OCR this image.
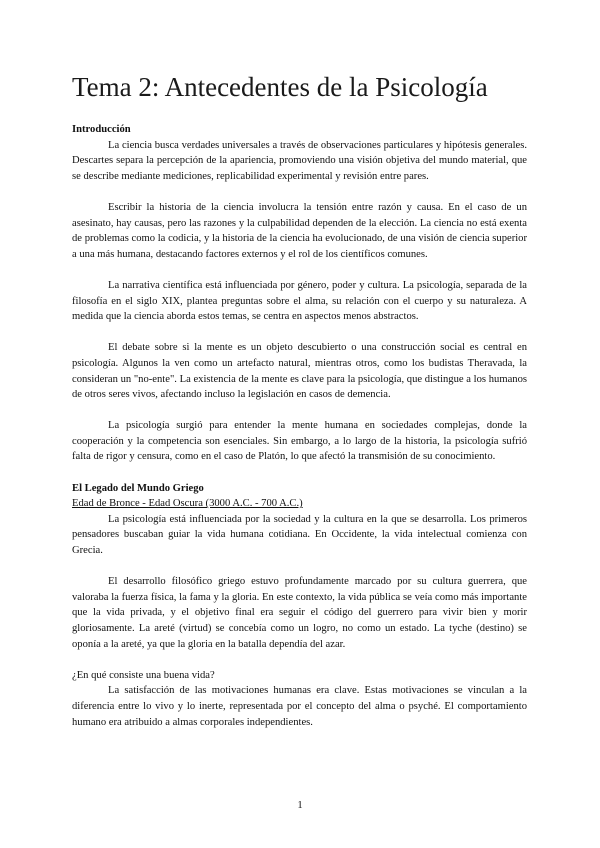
Tema 2: Antecedentes de la Psicología
Introducción

La ciencia busca verdades universales a través de observaciones particulares y hipótesis generales. Descartes separa la percepción de la apariencia, promoviendo una visión objetiva del mundo material, que se describe mediante mediciones, replicabilidad experimental y revisión entre pares.

Escribir la historia de la ciencia involucra la tensión entre razón y causa. En el caso de un asesinato, hay causas, pero las razones y la culpabilidad dependen de la elección. La ciencia no está exenta de problemas como la codicia, y la historia de la ciencia ha evolucionado, de una visión de ciencia superior a una más humana, destacando factores externos y el rol de los científicos comunes.

La narrativa científica está influenciada por género, poder y cultura. La psicología, separada de la filosofía en el siglo XIX, plantea preguntas sobre el alma, su relación con el cuerpo y su naturaleza. A medida que la ciencia aborda estos temas, se centra en aspectos menos abstractos.

El debate sobre si la mente es un objeto descubierto o una construcción social es central en psicología. Algunos la ven como un artefacto natural, mientras otros, como los budistas Theravada, la consideran un "no-ente". La existencia de la mente es clave para la psicología, que distingue a los humanos de otros seres vivos, afectando incluso la legislación en casos de demencia.

La psicología surgió para entender la mente humana en sociedades complejas, donde la cooperación y la competencia son esenciales. Sin embargo, a lo largo de la historia, la psicología sufrió falta de rigor y censura, como en el caso de Platón, lo que afectó la transmisión de su conocimiento.

El Legado del Mundo Griego
Edad de Bronce - Edad Oscura (3000 A.C. - 700 A.C.)

La psicología está influenciada por la sociedad y la cultura en la que se desarrolla. Los primeros pensadores buscaban guiar la vida humana cotidiana. En Occidente, la vida intelectual comienza con Grecia.

El desarrollo filosófico griego estuvo profundamente marcado por su cultura guerrera, que valoraba la fuerza física, la fama y la gloria. En este contexto, la vida pública se veía como más importante que la vida privada, y el objetivo final era seguir el código del guerrero para vivir bien y morir gloriosamente. La areté (virtud) se concebía como un logro, no como un estado. La tyche (destino) se oponía a la areté, ya que la gloria en la batalla dependía del azar.

¿En qué consiste una buena vida?

La satisfacción de las motivaciones humanas era clave. Estas motivaciones se vinculan a la diferencia entre lo vivo y lo inerte, representada por el concepto del alma o psyché. El comportamiento humano era atribuido a almas corporales independientes.

1
